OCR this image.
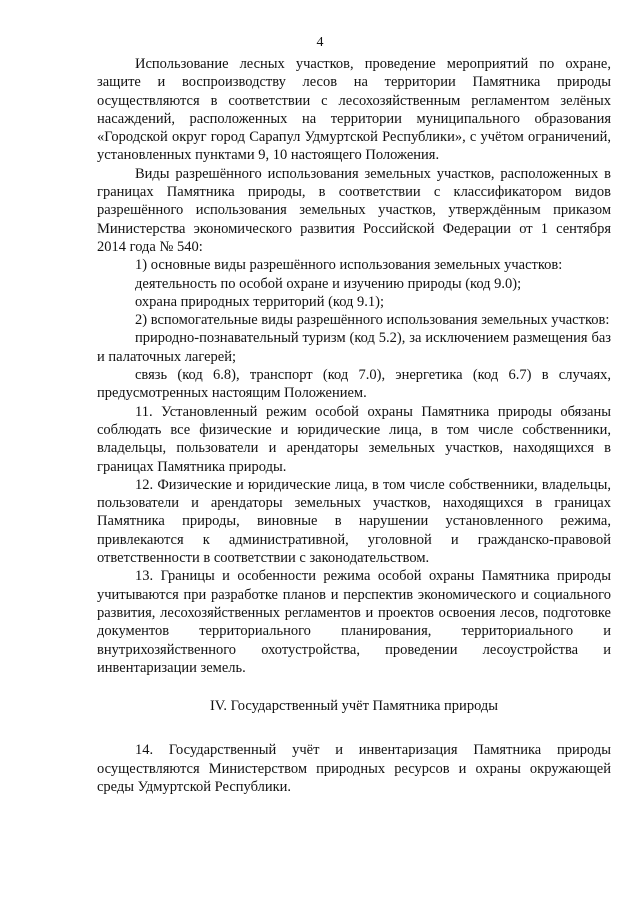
4

Использование лесных участков, проведение мероприятий по охране, защите и воспроизводству лесов на территории Памятника природы осуществляются в соответствии с лесохозяйственным регламентом зелёных насаждений, расположенных на территории муниципального образования «Городской округ город Сарапул Удмуртской Республики», с учётом ограничений, установленных пунктами 9, 10 настоящего Положения.

Виды разрешённого использования земельных участков, расположенных в границах Памятника природы, в соответствии с классификатором видов разрешённого использования земельных участков, утверждённым приказом Министерства экономического развития Российской Федерации от 1 сентября 2014 года № 540:

1) основные виды разрешённого использования земельных участков:

деятельность по особой охране и изучению природы (код 9.0);

охрана природных территорий (код 9.1);

2) вспомогательные виды разрешённого использования земельных участков:

природно-познавательный туризм (код 5.2), за исключением размещения баз и палаточных лагерей;

связь (код 6.8), транспорт (код 7.0), энергетика (код 6.7) в случаях, предусмотренных настоящим Положением.

11. Установленный режим особой охраны Памятника природы обязаны соблюдать все физические и юридические лица, в том числе собственники, владельцы, пользователи и арендаторы земельных участков, находящихся в границах Памятника природы.

12. Физические и юридические лица, в том числе собственники, владельцы, пользователи и арендаторы земельных участков, находящихся в границах Памятника природы, виновные в нарушении установленного режима, привлекаются к административной, уголовной и гражданско-правовой ответственности в соответствии с законодательством.

13. Границы и особенности режима особой охраны Памятника природы учитываются при разработке планов и перспектив экономического и социального развития, лесохозяйственных регламентов и проектов освоения лесов, подготовке документов территориального планирования, территориального и внутрихозяйственного охотустройства, проведении лесоустройства и инвентаризации земель.

IV. Государственный учёт Памятника природы

14. Государственный учёт и инвентаризация Памятника природы осуществляются Министерством природных ресурсов и охраны окружающей среды Удмуртской Республики.
